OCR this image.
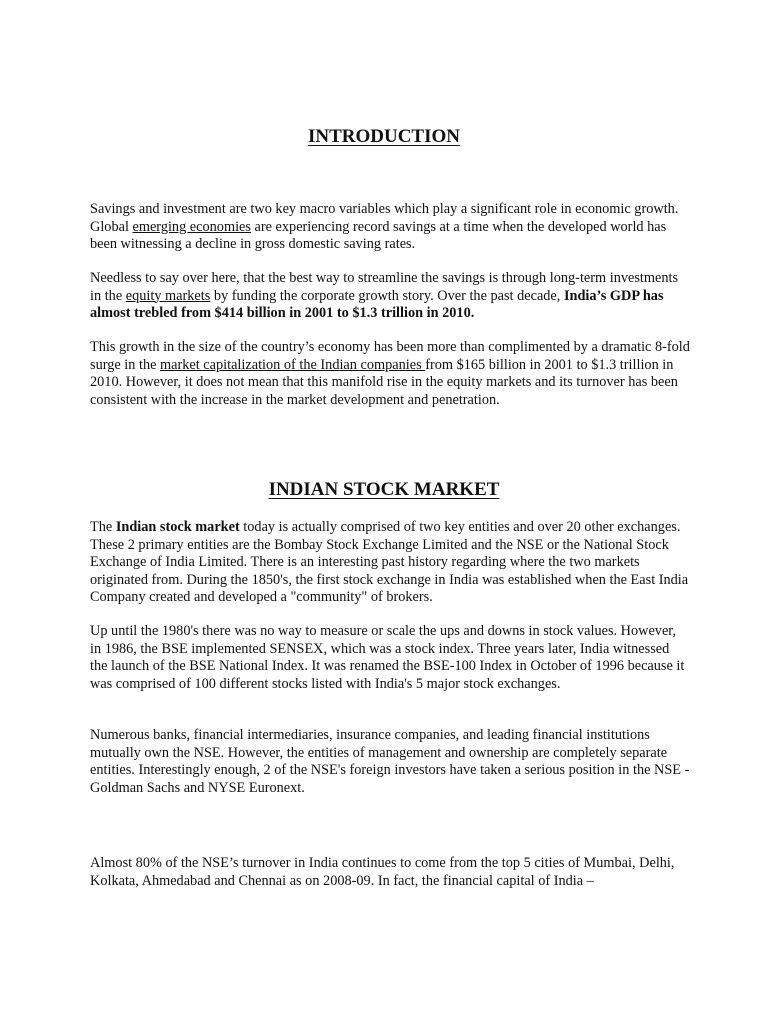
INTRODUCTION

Savings and investment are two key macro variables which play a significant role in economic growth. Global emerging economies are experiencing record savings at a time when the developed world has been witnessing a decline in gross domestic saving rates.

Needless to say over here, that the best way to streamline the savings is through long-term investments in the equity markets by funding the corporate growth story. Over the past decade, India’s GDP has almost trebled from $414 billion in 2001 to $1.3 trillion in 2010.

This growth in the size of the country’s economy has been more than complimented by a dramatic 8-fold surge in the market capitalization of the Indian companies from $165 billion in 2001 to $1.3 trillion in 2010. However, it does not mean that this manifold rise in the equity markets and its turnover has been consistent with the increase in the market development and penetration.

INDIAN STOCK MARKET

The Indian stock market today is actually comprised of two key entities and over 20 other exchanges. These 2 primary entities are the Bombay Stock Exchange Limited and the NSE or the National Stock Exchange of India Limited. There is an interesting past history regarding where the two markets originated from. During the 1850's, the first stock exchange in India was established when the East India Company created and developed a "community" of brokers.

Up until the 1980's there was no way to measure or scale the ups and downs in stock values. However, in 1986, the BSE implemented SENSEX, which was a stock index. Three years later, India witnessed the launch of the BSE National Index. It was renamed the BSE-100 Index in October of 1996 because it was comprised of 100 different stocks listed with India's 5 major stock exchanges.

Numerous banks, financial intermediaries, insurance companies, and leading financial institutions mutually own the NSE. However, the entities of management and ownership are completely separate entities. Interestingly enough, 2 of the NSE's foreign investors have taken a serious position in the NSE - Goldman Sachs and NYSE Euronext.

Almost 80% of the NSE’s turnover in India continues to come from the top 5 cities of Mumbai, Delhi, Kolkata, Ahmedabad and Chennai as on 2008-09. In fact, the financial capital of India –
